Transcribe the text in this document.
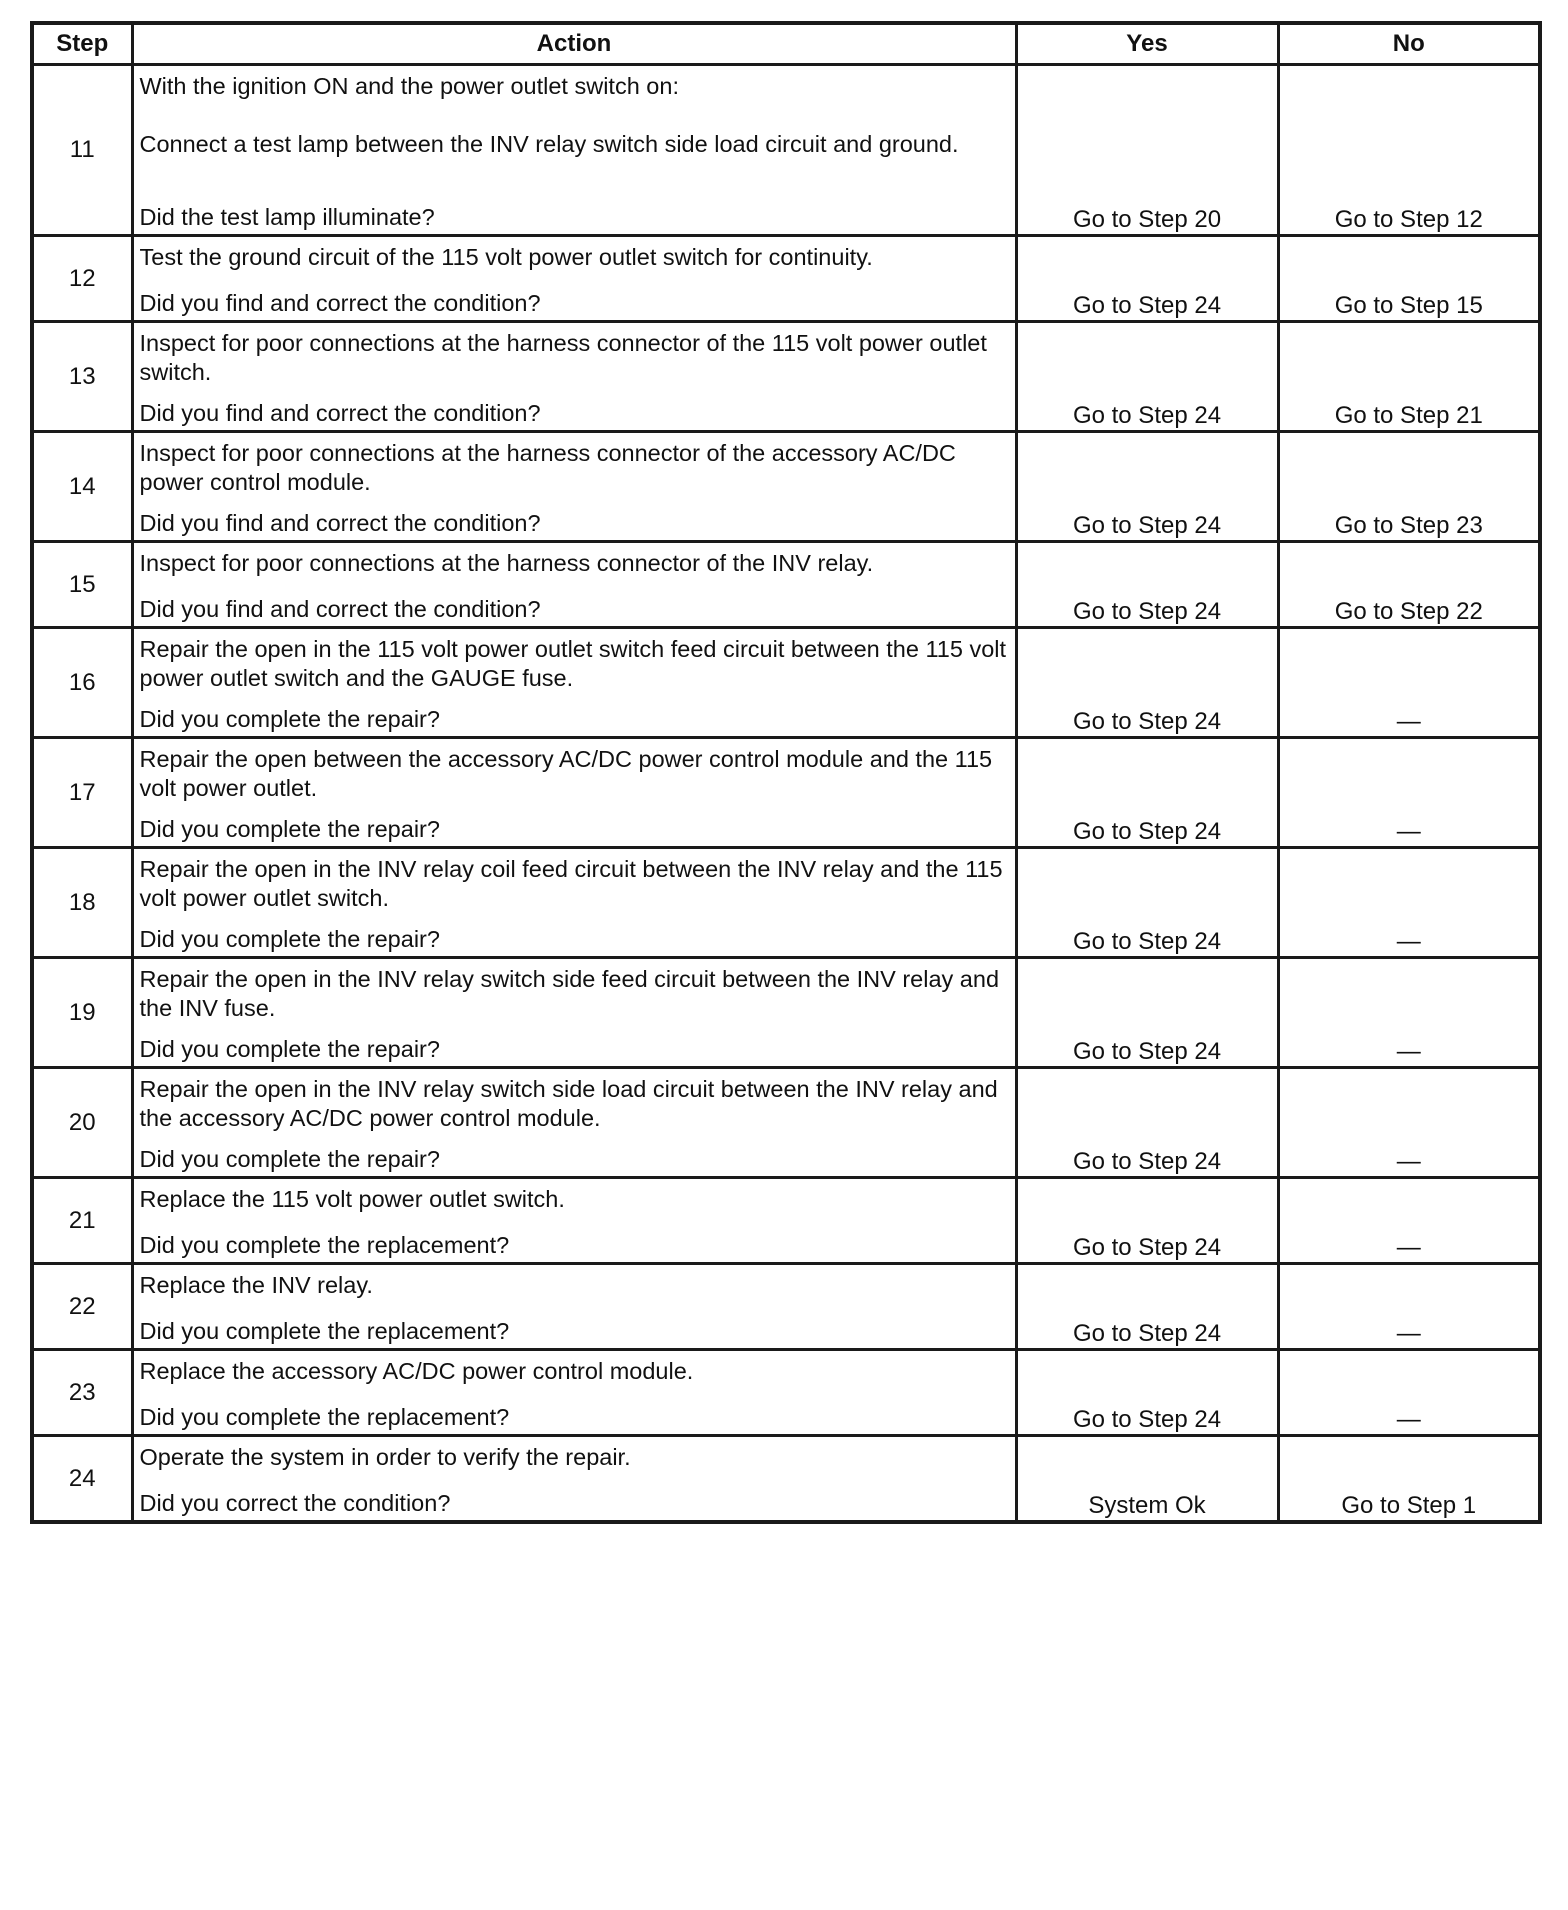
Step	Action	Yes	No
11	With the ignition ON and the power outlet switch on:

Connect a test lamp between the INV relay switch side load circuit and ground.

Did the test lamp illuminate?	Go to Step 20	Go to Step 12
12	Test the ground circuit of the 115 volt power outlet switch for continuity.

Did you find and correct the condition?	Go to Step 24	Go to Step 15
13	Inspect for poor connections at the harness connector of the 115 volt power outlet switch.

Did you find and correct the condition?	Go to Step 24	Go to Step 21
14	Inspect for poor connections at the harness connector of the accessory AC/DC power control module.

Did you find and correct the condition?	Go to Step 24	Go to Step 23
15	Inspect for poor connections at the harness connector of the INV relay.

Did you find and correct the condition?	Go to Step 24	Go to Step 22
16	Repair the open in the 115 volt power outlet switch feed circuit between the 115 volt power outlet switch and the GAUGE fuse.

Did you complete the repair?	Go to Step 24	—
17	Repair the open between the accessory AC/DC power control module and the 115 volt power outlet.

Did you complete the repair?	Go to Step 24	—
18	Repair the open in the INV relay coil feed circuit between the INV relay and the 115 volt power outlet switch.

Did you complete the repair?	Go to Step 24	—
19	Repair the open in the INV relay switch side feed circuit between the INV relay and the INV fuse.

Did you complete the repair?	Go to Step 24	—
20	Repair the open in the INV relay switch side load circuit between the INV relay and the accessory AC/DC power control module.

Did you complete the repair?	Go to Step 24	—
21	Replace the 115 volt power outlet switch.

Did you complete the replacement?	Go to Step 24	—
22	Replace the INV relay.

Did you complete the replacement?	Go to Step 24	—
23	Replace the accessory AC/DC power control module.

Did you complete the replacement?	Go to Step 24	—
24	Operate the system in order to verify the repair.

Did you correct the condition?	System Ok	Go to Step 1
